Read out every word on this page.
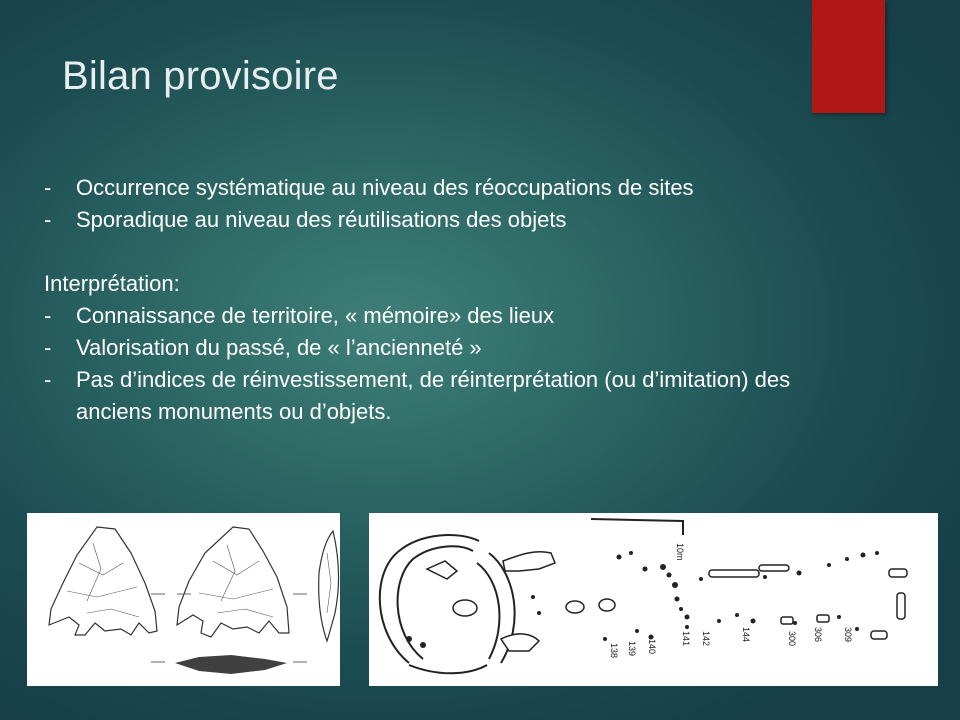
Bilan provisoire
-	Occurrence systématique au niveau des réoccupations de sites
-	Sporadique au niveau des réutilisations des objets
Interprétation:
-	Connaissance de territoire, « mémoire» des lieux
-	Valorisation du passé, de « l’ancienneté »
-	Pas d’indices de réinvestissement, de réinterprétation (ou d’imitation) des anciens monuments ou d’objets.
10m
138 139 140
141 142	144	300 306 309
